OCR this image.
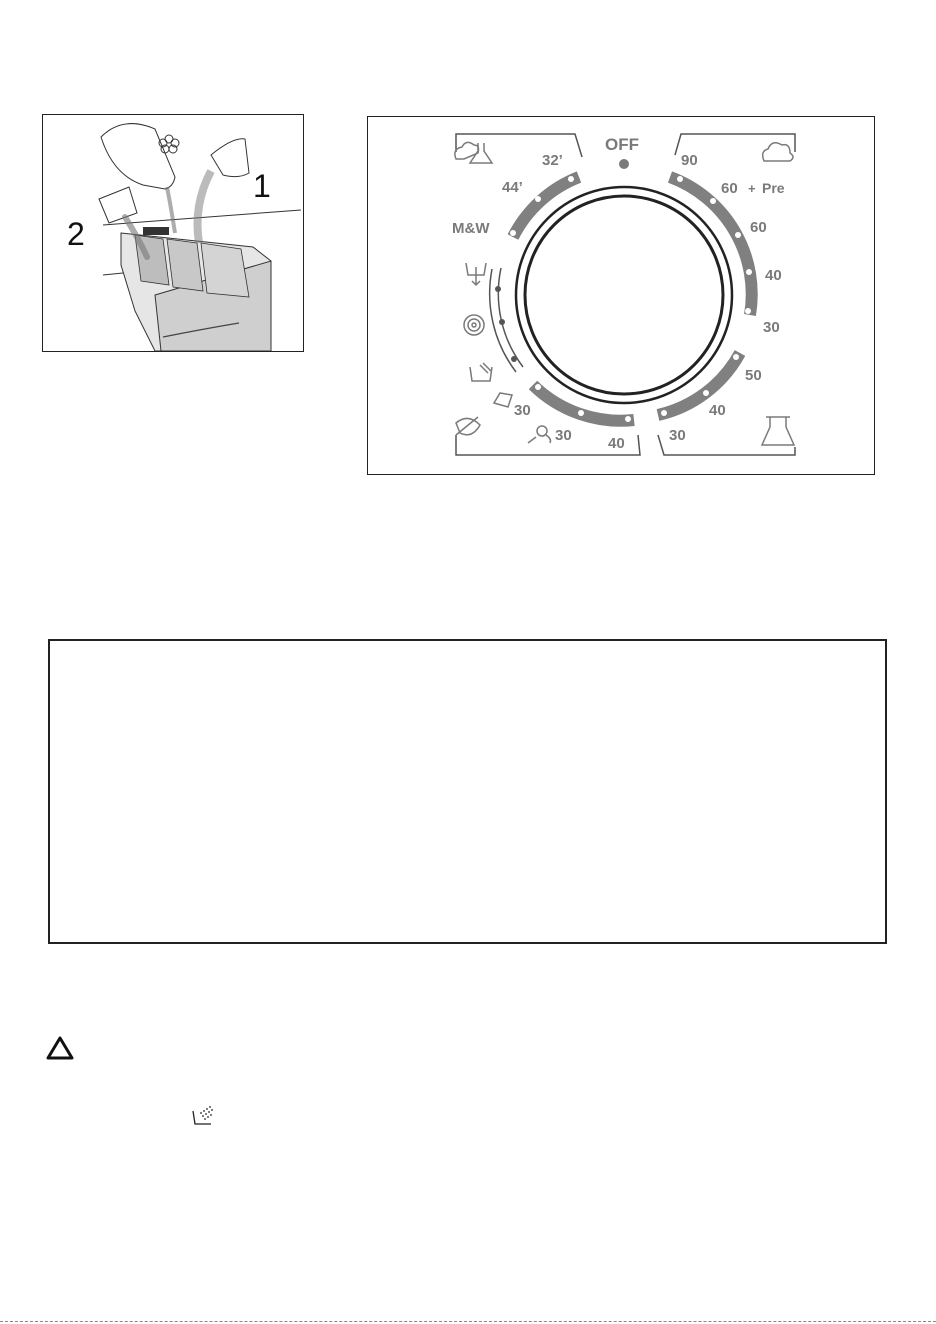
1
2
OFF
32’
44’
M&W
90
60 + Pre
60
40
30
50
40
30
40
30
30
